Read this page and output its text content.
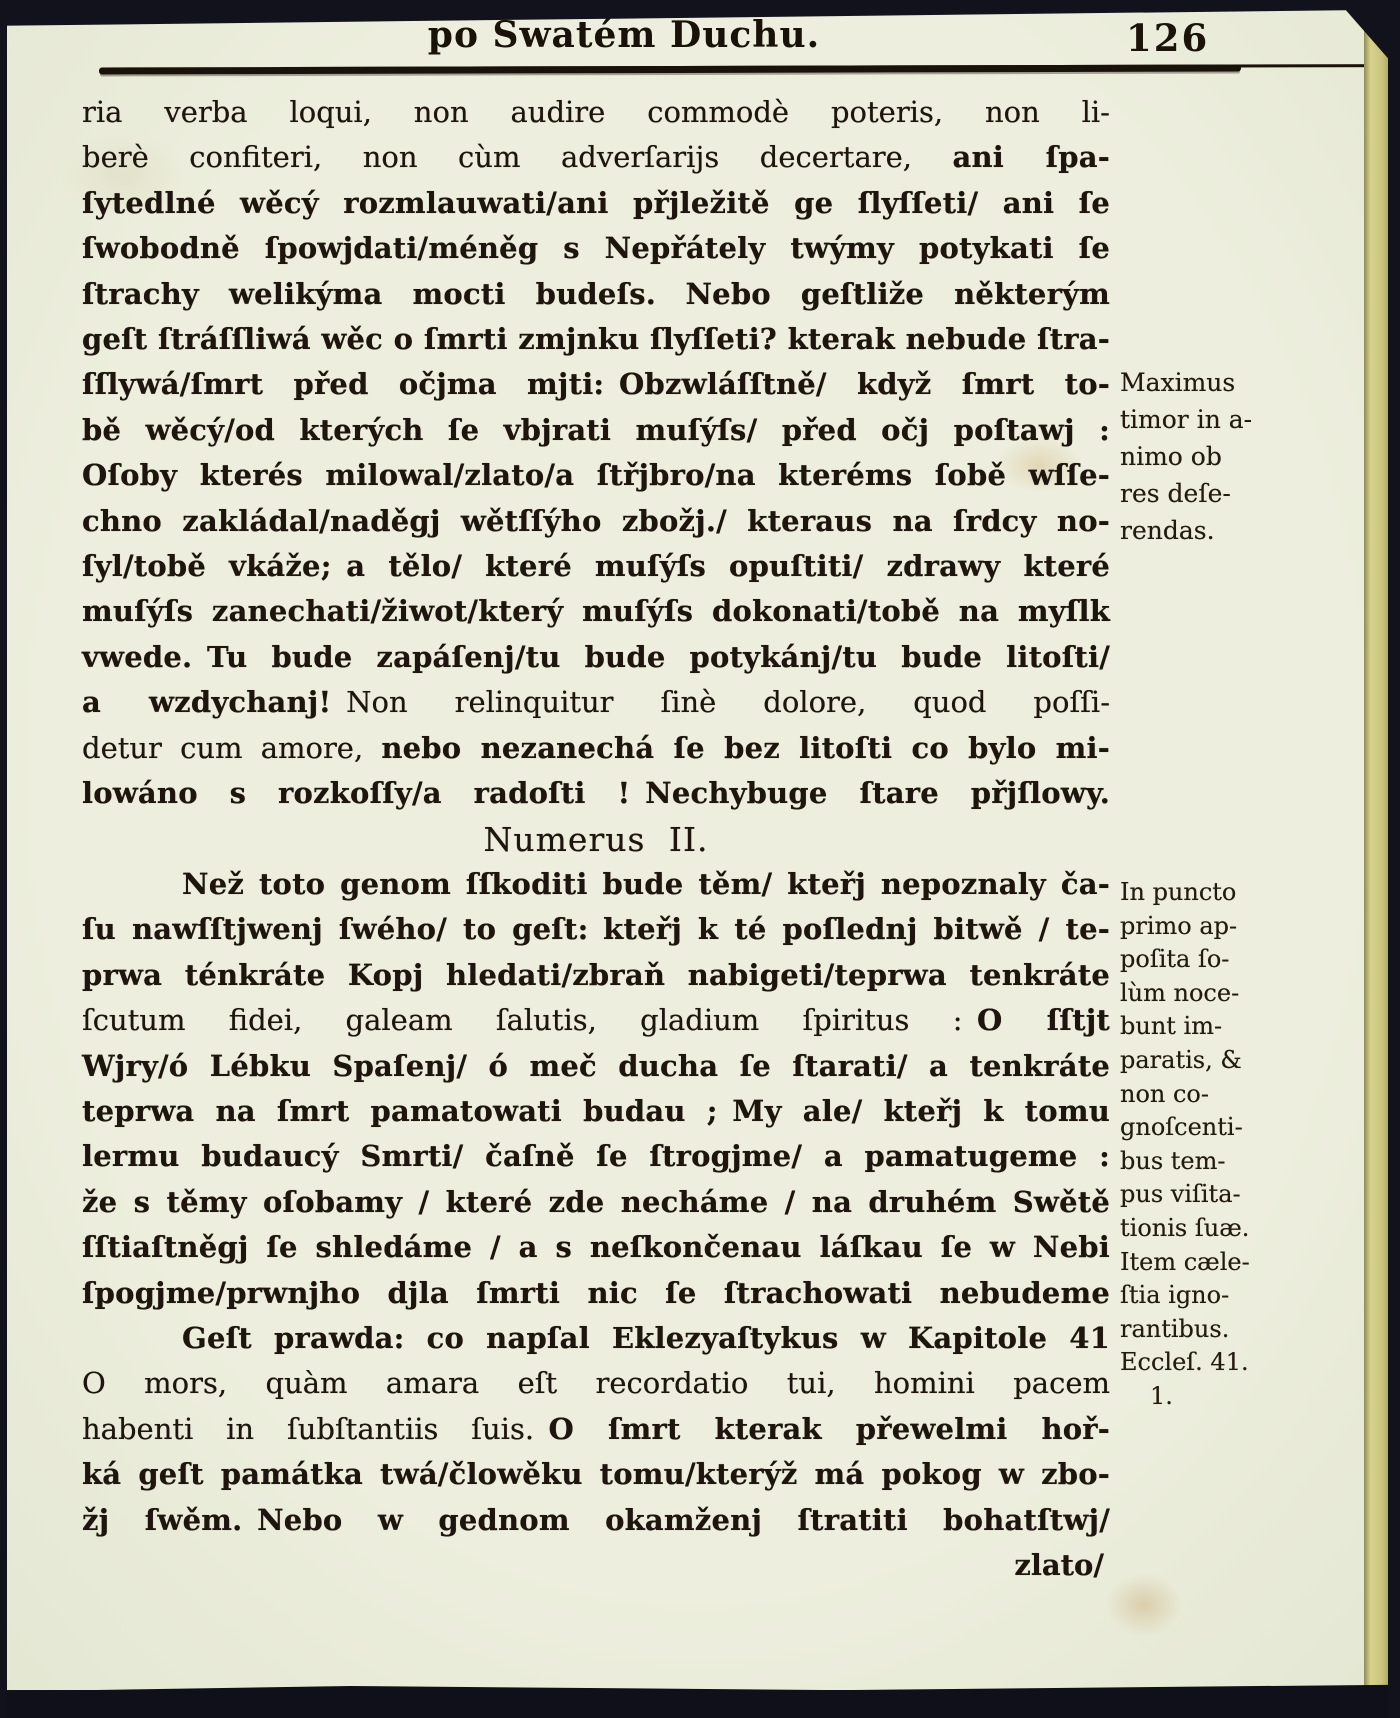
po Swatém Duchu.	126
ria verba loqui, non audire commodè poteris, non li-
berè confiteri, non cùm adverſarijs decertare, ani ſpa-
ſytedlné wěcý rozmlauwati/ani přjležitě ge ſlyſſeti/ ani ſe
ſwobodně ſpowjdati/méněg s Nepřátely twýmy potykati ſe
ſtrachy welikýma mocti budeſs.  Nebo geſtliže některým
geſt ſtráſſliwá wěc o ſmrti zmjnku ſlyſſeti? kterak nebude ſtra-
ſſlywá/ſmrt před očjma mjti: Obzwláſſtně/ když ſmrt to-
bě wěcý/od kterých ſe vbjrati muſýſs/ před očj poſtawj :
Oſoby kterés milowal/zlato/a ſtřjbro/na kteréms ſobě wſſe-
chno zakládal/naděgj wětſſýho zbožj./ kteraus na ſrdcy no-
ſyl/tobě vkáže; a tělo/ které muſýſs opuſtiti/ zdrawy které
muſýſs zanechati/žiwot/který muſýſs dokonati/tobě na myſlk
vwede. Tu bude zapáſenj/tu bude potykánj/tu bude litoſti/
a wzdychanj! Non relinquitur ſinè dolore, quod poſſi-
detur cum amore, nebo nezanechá ſe bez litoſti co bylo mi-
lowáno s rozkoſſy/a radoſti ! Nechybuge ſtare přjſlowy.
Numerus II.
Než toto genom ſſkoditi bude těm/ kteřj nepoznaly ča-
ſu nawſſtjwenj ſwého/ to geſt: kteřj k té poſlednj bitwě / te-
prwa ténkráte Kopj hledati/zbraň nabigeti/teprwa tenkráte
ſcutum fidei, galeam ſalutis, gladium ſpiritus : O ſſtjt
Wjry/ó Lébku Spaſenj/ ó meč ducha ſe ſtarati/ a tenkráte
teprwa na ſmrt pamatowati budau ; My ale/ kteřj k tomu
lermu budaucý Smrti/ čaſně ſe ſtrogjme/ a pamatugeme :
že s těmy oſobamy / které zde necháme / na druhém Swětě
ſſtiaſtněgj ſe shledáme / a s neſkončenau láſkau ſe w Nebi
ſpogjme/prwnjho djla ſmrti nic ſe ſtrachowati nebudeme
Geſt prawda: co napſal Eklezyaſtykus w Kapitole 41
O mors, quàm amara eſt recordatio tui, homini pacem
habenti in ſubſtantiis ſuis. O ſmrt kterak přewelmi hoř-
ká geſt památka twá/člowěku tomu/kterýž má pokog w zbo-
žj ſwěm. Nebo w gednom okamženj ſtratiti bohatſtwj/
zlato/
Maximus
timor in a-
nimo ob
res deſe-
rendas.
In puncto
primo ap-
poſita ſo-
lùm noce-
bunt im-
paratis, &
non co-
gnoſcenti-
bus tem-
pus viſita-
tionis ſuæ.
Item cæle-
ſtia igno-
rantibus.
Eccleſ. 41.
1.
